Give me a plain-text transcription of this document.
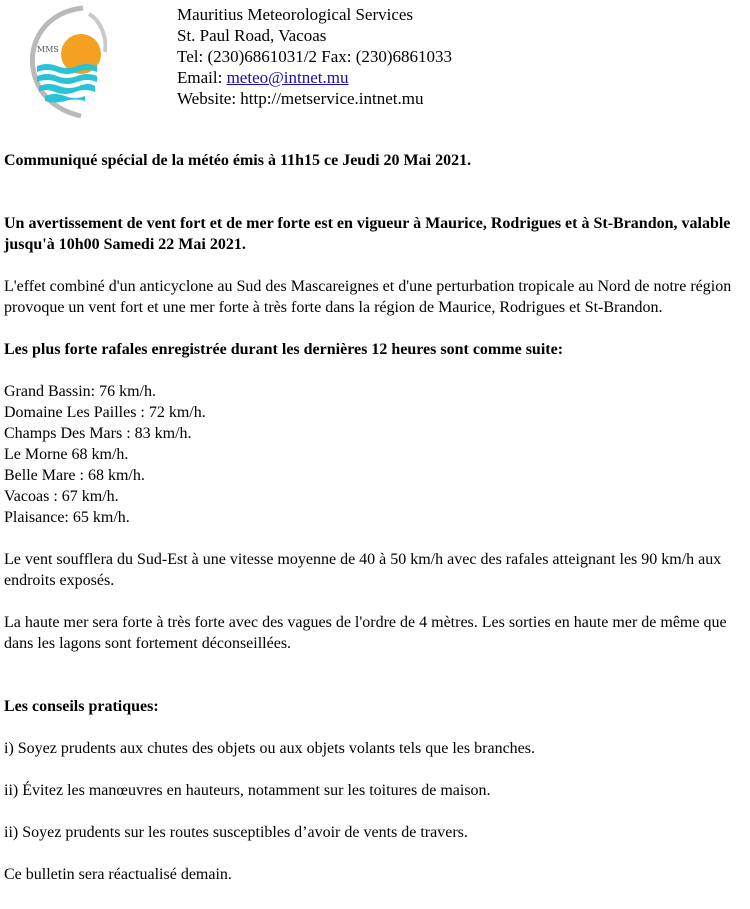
MMS
Mauritius Meteorological Services
St. Paul Road, Vacoas
Tel: (230)6861031/2 Fax: (230)6861033
Email: meteo@intnet.mu
Website: http://metservice.intnet.mu

Communiqué spécial de la météo émis à 11h15 ce Jeudi 20 Mai 2021.

Un avertissement de vent fort et de mer forte est en vigueur à Maurice, Rodrigues et à St-Brandon, valable jusqu'à 10h00 Samedi 22 Mai 2021.

L'effet combiné d'un anticyclone au Sud des Mascareignes et d'une perturbation tropicale au Nord de notre région provoque un vent fort et une mer forte à très forte dans la région de Maurice, Rodrigues et St-Brandon.

Les plus forte rafales enregistrée durant les dernières 12 heures sont comme suite:

Grand Bassin: 76 km/h.
Domaine Les Pailles : 72 km/h.
Champs Des Mars : 83 km/h.
Le Morne 68 km/h.
Belle Mare : 68 km/h.
Vacoas : 67 km/h.
Plaisance: 65 km/h.

Le vent soufflera du Sud-Est à une vitesse moyenne de 40 à 50 km/h avec des rafales atteignant les 90 km/h aux endroits exposés.

La haute mer sera forte à très forte avec des vagues de l'ordre de 4 mètres. Les sorties en haute mer de même que dans les lagons sont fortement déconseillées.

Les conseils pratiques:

i) Soyez prudents aux chutes des objets ou aux objets volants tels que les branches.

ii) Évitez les manœuvres en hauteurs, notamment sur les toitures de maison.

ii) Soyez prudents sur les routes susceptibles d’avoir de vents de travers.

Ce bulletin sera réactualisé demain.
